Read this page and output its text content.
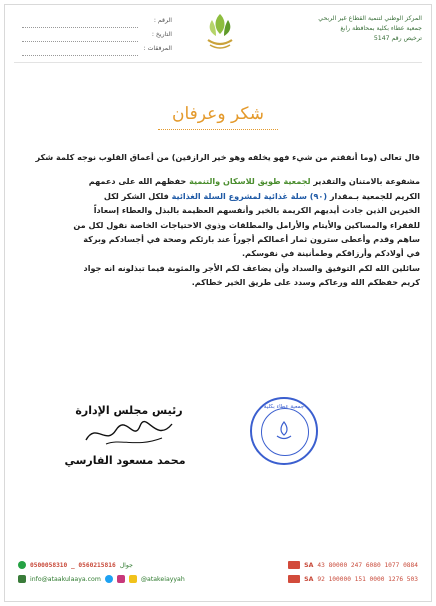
المركز الوطني لتنمية القطاع غير الربحي
جمعية عطاء بكلية بمحافظة رابغ
ترخيص رقم 5147
الرقم :
التاريخ :
المرفقات :
شكر وعرفان

قال تعالى (وما أنفقتم من شيء فهو يخلفه وهو خير الرازقين) من أعماق القلوب نوجه كلمة شكر

مشفوعة بالامتنان والتقدير لجمعية طويق للاسكان والتنمية حفظهم الله على دعمهم

الكريم للجمعية بـمقدار (٩٠) سلة غذائية لمشروع السلة الغذائية فلكل الشكر لكل

الخيرين الذين جادت أيديهم الكريمة بالخير وأنفسهم العظيمة بالبذل والعطاء إسعاداً

للفقراء والمساكين والأيتام والأرامل والمطلقات وذوي الاحتياجات الخاصة نقول لكل من

ساهم وقدم وأعطى سترون ثمار أعمالكم أجوراً عند بارئكم وصحة في أجسادكم وبركة

في أولادكم وأرزاقكم وطمأنينة في نفوسكم.

سائلين الله لكم التوفيق والسداد وأن يضاعف لكم الأجر والمثوبة فيما تبذلونه انه جواد

كريم حفظكم الله ورعاكم وسدد على طريق الخير خطاكم.

جمعية عطاء بكلية
رئيس مجلس الإدارة
محمد مسعود الفارسي
0500058310 _ 0560215816 جوال
info@ataakulaaya.com	@atakeiayyah
SA 43 80000 247 6080 1077 0884
SA 92 100000 151 0000 1276 503
